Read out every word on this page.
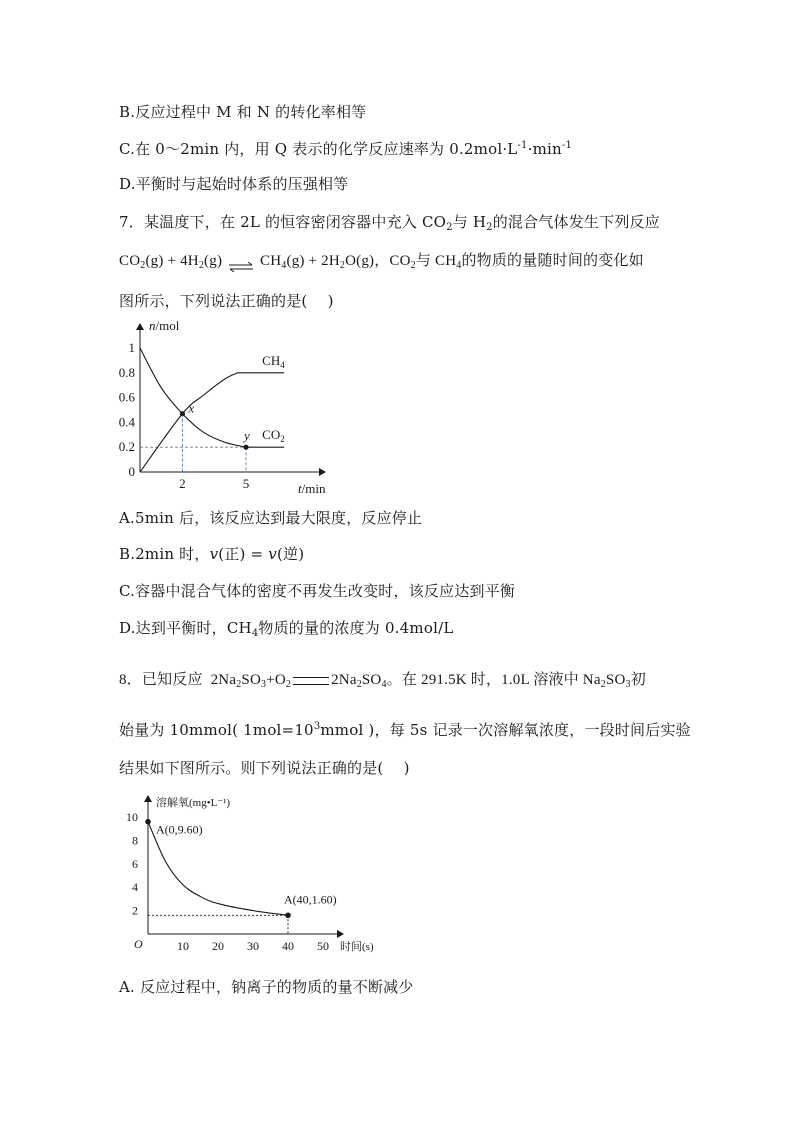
B.反应过程中 M 和 N 的转化率相等
C.在 0～2min 内，用 Q 表示的化学反应速率为 $0.2mol\cdot L^{-1}\cdot\min^{-1}$
D.平衡时与起始时体系的压强相等
7．某温度下，在 2L 的恒容密闭容器中充入 $CO_2$与 $H_2$的混合气体发生下列反应
$CO_2(g) + 4H_2(g)$ ⇌ $CH_4(g) + 2H_2O(g)$，$CO_2$与 $CH_4$的物质的量随时间的变化如
图所示，下列说法正确的是(　 )
0
0.2
0.4
0.6
0.8
1
2	5
n/mol
t/min
$CH_4$
$CO_2$
x
y
A.5min 后，该反应达到最大限度，反应停止
B.2min 时，v(正) = v(逆)
C.容器中混合气体的密度不再发生改变时，该反应达到平衡
D.达到平衡时，$CH_4$物质的量的浓度为 0.4mol/L
8．已知反应 $2Na_2SO_3+O_2$	$2Na_2SO_4$。在 291.5K 时，1.0L 溶液中 $Na_2SO_3$初
始量为 10mmol( $1mol=10^3mmol$ )，每 5s 记录一次溶解氧浓度，一段时间后实验
结果如下图所示。则下列说法正确的是(　 )
2
4
6
8
10
10 20 30 40 50
O
溶解氧(mg•L⁻¹)
时间(s)
A(0,9.60)
A(40,1.60)
A. 反应过程中，钠离子的物质的量不断减少
